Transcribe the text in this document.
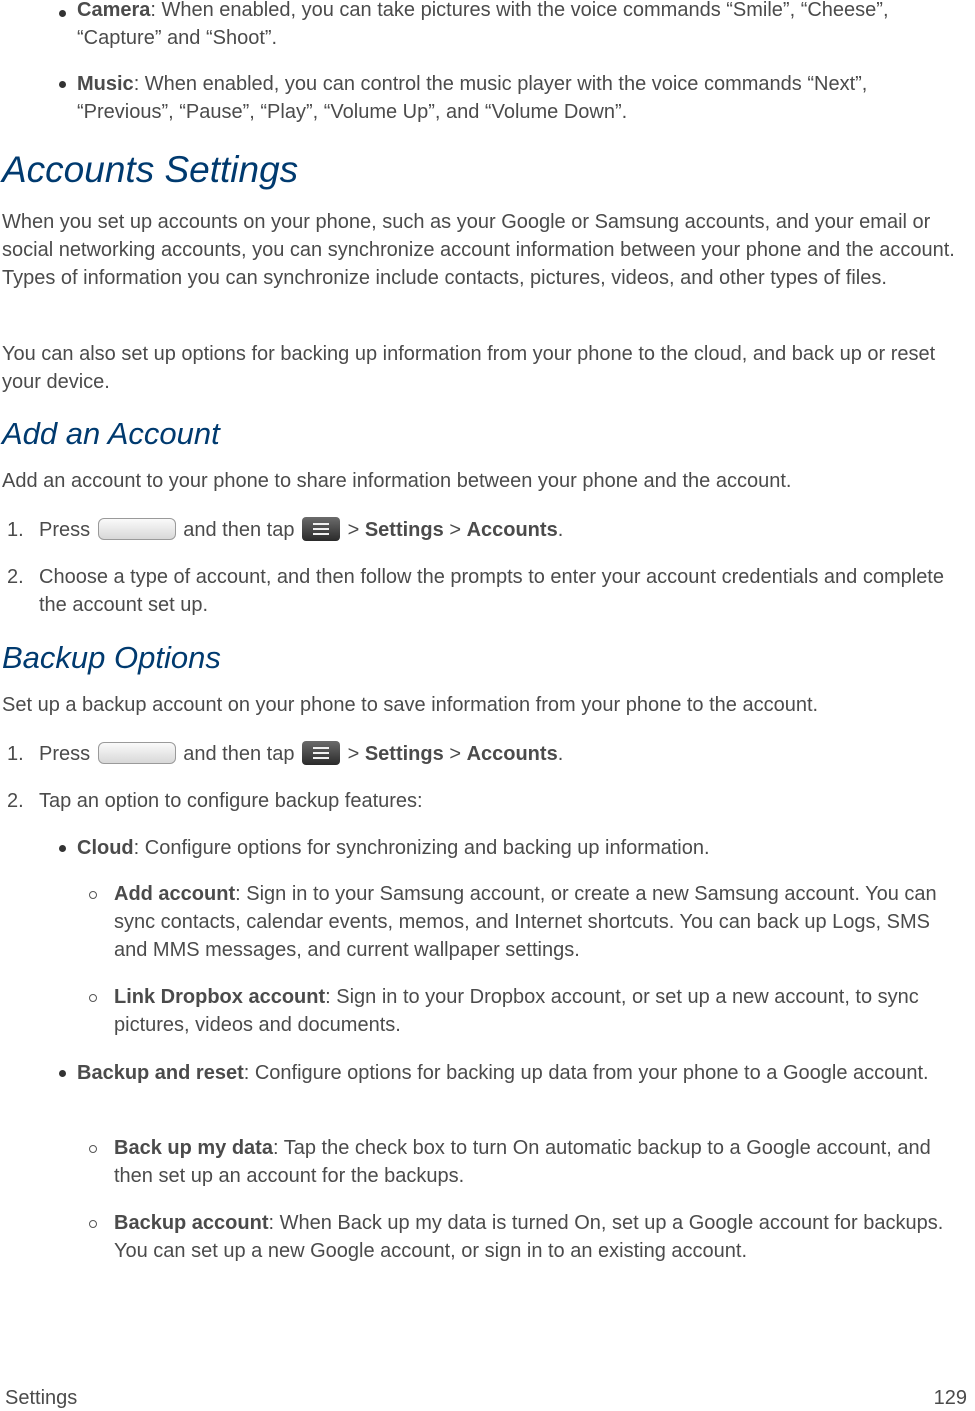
Camera: When enabled, you can take pictures with the voice commands “Smile”, “Cheese”, “Capture” and “Shoot”.
Music: When enabled, you can control the music player with the voice commands “Next”, “Previous”, “Pause”, “Play”, “Volume Up”, and “Volume Down”.
Accounts Settings
When you set up accounts on your phone, such as your Google or Samsung accounts, and your email or social networking accounts, you can synchronize account information between your phone and the account. Types of information you can synchronize include contacts, pictures, videos, and other types of files.
You can also set up options for backing up information from your phone to the cloud, and back up or reset your device.
Add an Account
Add an account to your phone to share information between your phone and the account.
1. Press	and then tap	> Settings > Accounts.
2. Choose a type of account, and then follow the prompts to enter your account credentials and complete the account set up.
Backup Options
Set up a backup account on your phone to save information from your phone to the account.
1. Press	and then tap	> Settings > Accounts.
2. Tap an option to configure backup features:
Cloud: Configure options for synchronizing and backing up information.
Add account: Sign in to your Samsung account, or create a new Samsung account. You can sync contacts, calendar events, memos, and Internet shortcuts. You can back up Logs, SMS and MMS messages, and current wallpaper settings.
Link Dropbox account: Sign in to your Dropbox account, or set up a new account, to sync pictures, videos and documents.
Backup and reset: Configure options for backing up data from your phone to a Google account.
Back up my data: Tap the check box to turn On automatic backup to a Google account, and then set up an account for the backups.
Backup account: When Back up my data is turned On, set up a Google account for backups. You can set up a new Google account, or sign in to an existing account.
Settings	129
